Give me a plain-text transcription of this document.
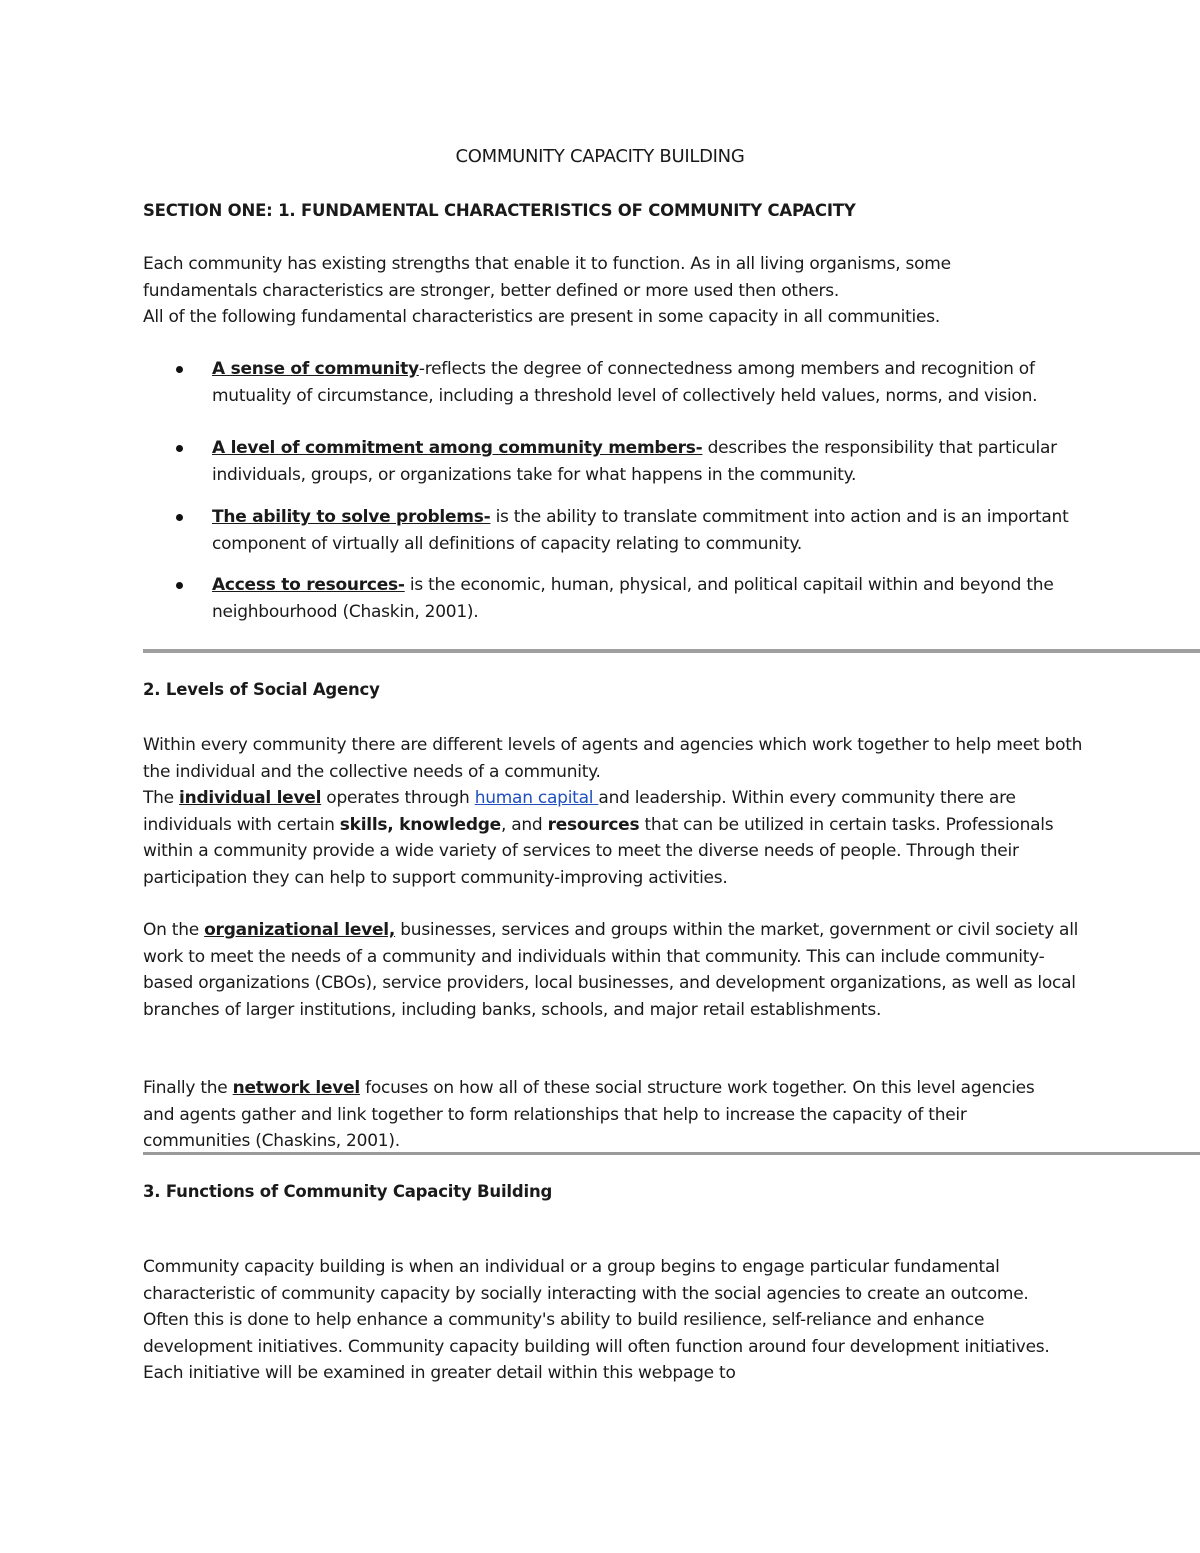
COMMUNITY CAPACITY BUILDING
SECTION ONE: 1. FUNDAMENTAL CHARACTERISTICS OF COMMUNITY CAPACITY

Each community has existing strengths that enable it to function. As in all living organisms, some

fundamentals characteristics are stronger, better defined or more used then others.

All of the following fundamental characteristics are present in some capacity in all communities.

A sense of community-reflects the degree of connectedness among members and recognition of mutuality of circumstance, including a threshold level of collectively held values, norms, and vision.
A level of commitment among community members- describes the responsibility that particular individuals, groups, or organizations take for what happens in the community.
The ability to solve problems- is the ability to translate commitment into action and is an important component of virtually all definitions of capacity relating to community.
Access to resources- is the economic, human, physical, and political capitail within and beyond the neighbourhood (Chaskin, 2001).
2. Levels of Social Agency
Within every community there are different levels of agents and agencies which work together to help meet both the individual and the collective needs of a community.
The individual level operates through human capital and leadership. Within every community there are individuals with certain skills, knowledge, and resources that can be utilized in certain tasks. Professionals within a community provide a wide variety of services to meet the diverse needs of people. Through their participation they can help to support community-improving activities.
On the organizational level, businesses, services and groups within the market, government or civil society all work to meet the needs of a community and individuals within that community. This can include community-based organizations (CBOs), service providers, local businesses, and development organizations, as well as local branches of larger institutions, including banks, schools, and major retail establishments.
Finally the network level focuses on how all of these social structure work together. On this level agencies and agents gather and link together to form relationships that help to increase the capacity of their communities (Chaskins, 2001).
3. Functions of Community Capacity Building
Community capacity building is when an individual or a group begins to engage particular fundamental characteristic of community capacity by socially interacting with the social agencies to create an outcome. Often this is done to help enhance a community's ability to build resilience, self-reliance and enhance development initiatives. Community capacity building will often function around four development initiatives. Each initiative will be examined in greater detail within this webpage to
